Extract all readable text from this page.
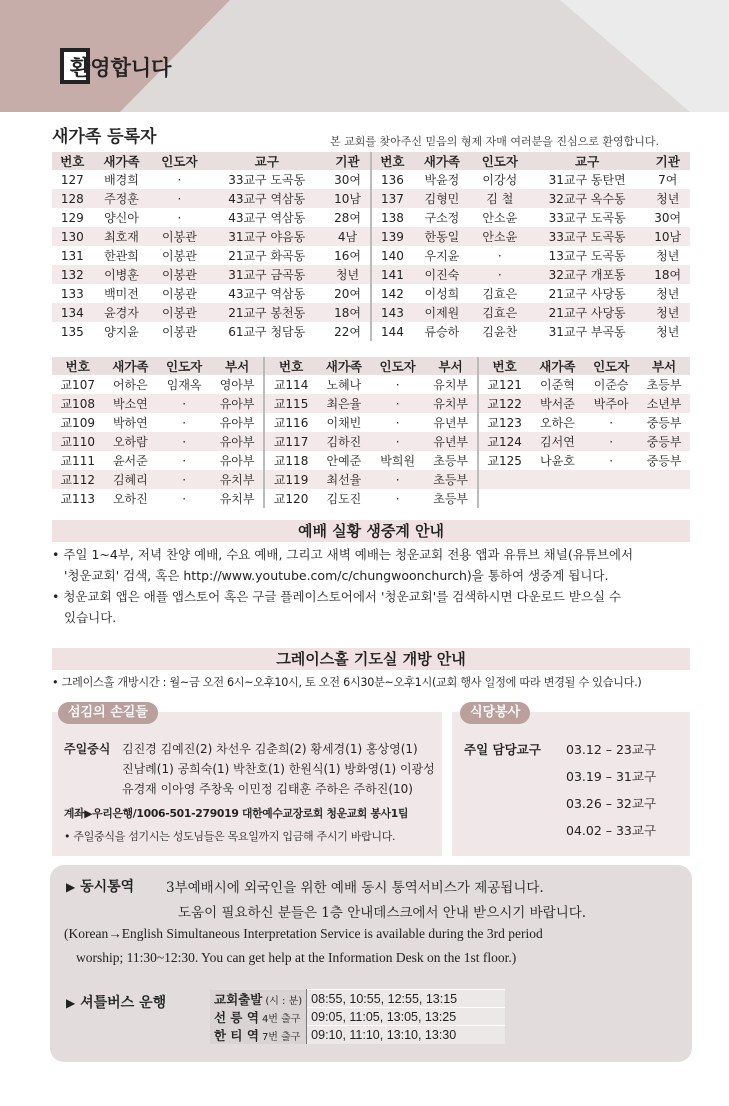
환영합니다
새가족 등록자	본 교회를 찾아주신 믿음의 형제 자매 여러분을 진심으로 환영합니다.
번호	새가족	인도자	교구	기관	번호	새가족	인도자	교구	기관
127	배경희	·	33교구 도곡동	30여	136	박윤정	이강성	31교구 동탄면	7여
128	주정훈	·	43교구 역삼동	10남	137	김형민	김 철	32교구 옥수동	청년
129	양신아	·	43교구 역삼동	28여	138	구소정	안소윤	33교구 도곡동	30여
130	최호재	이봉관	31교구 야음동	4남	139	한동일	안소윤	33교구 도곡동	10남
131	한관희	이봉관	21교구 화곡동	16여	140	우지윤	·	13교구 도곡동	청년
132	이병훈	이봉관	31교구 금곡동	청년	141	이진숙	·	32교구 개포동	18여
133	백미전	이봉관	43교구 역삼동	20여	142	이성희	김효은	21교구 사당동	청년
134	윤경자	이봉관	21교구 봉천동	18여	143	이제원	김효은	21교구 사당동	청년
135	양지윤	이봉관	61교구 청담동	22여	144	류승하	김윤찬	31교구 부곡동	청년
번호	새가족	인도자	부서	번호	새가족	인도자	부서	번호	새가족	인도자	부서
교107	어하은	임재옥	영아부	교114	노혜나	·	유치부	교121	이준혁	이준승	초등부
교108	박소연	·	유아부	교115	최은율	·	유치부	교122	박서준	박주아	소년부
교109	박하연	·	유아부	교116	이채빈	·	유년부	교123	오하은	·	중등부
교110	오하람	·	유아부	교117	김하진	·	유년부	교124	김서연	·	중등부
교111	윤서준	·	유아부	교118	안예준	박희원	초등부	교125	나윤호	·	중등부
교112	김혜리	·	유치부	교119	최선율	·	초등부				
교113	오하진	·	유치부	교120	김도진	·	초등부				
예배 실황 생중계 안내
• 주일 1~4부, 저녁 찬양 예배, 수요 예배, 그리고 새벽 예배는 청운교회 전용 앱과 유튜브 채널(유튜브에서
'청운교회' 검색, 혹은 http://www.youtube.com/c/chungwoonchurch)을 통하여 생중계 됩니다.
• 청운교회 앱은 애플 앱스토어 혹은 구글 플레이스토어에서 '청운교회'를 검색하시면 다운로드 받으실 수
있습니다.
그레이스홀 기도실 개방 안내
• 그레이스홀 개방시간 : 월~금 오전 6시~오후10시, 토 오전 6시30분~오후1시(교회 행사 일정에 따라 변경될 수 있습니다.)
섬김의 손길들
주일중식 김진경 김예진(2) 차선우 김춘희(2) 황세경(1) 홍상영(1)
진남례(1) 공희숙(1) 박찬호(1) 한원식(1) 방화영(1) 이광성
유경재 이아영 주창욱 이민정 김태훈 주하은 주하진(10)
계좌▶우리은행/1006-501-279019 대한예수교장로회 청운교회 봉사1팀
• 주일중식을 섬기시는 성도님들은 목요일까지 입금해 주시기 바랍니다.
식당봉사
주일 담당교구 03.12 – 23교구
03.19 – 31교구
03.26 – 32교구
04.02 – 33교구
▶ 동시통역 3부예배시에 외국인을 위한 예배 동시 통역서비스가 제공됩니다.
도움이 필요하신 분들은 1층 안내데스크에서 안내 받으시기 바랍니다.
(Korean→English Simultaneous Interpretation Service is available during the 3rd period
worship; 11:30~12:30. You can get help at the Information Desk on the 1st floor.)
▶ 셔틀버스 운행	교회출발 (시 : 분)	08:55, 10:55, 12:55, 13:15
선 릉 역 4번 출구	09:05, 11:05, 13:05, 13:25
한 티 역 7번 출구	09:10, 11:10, 13:10, 13:30
